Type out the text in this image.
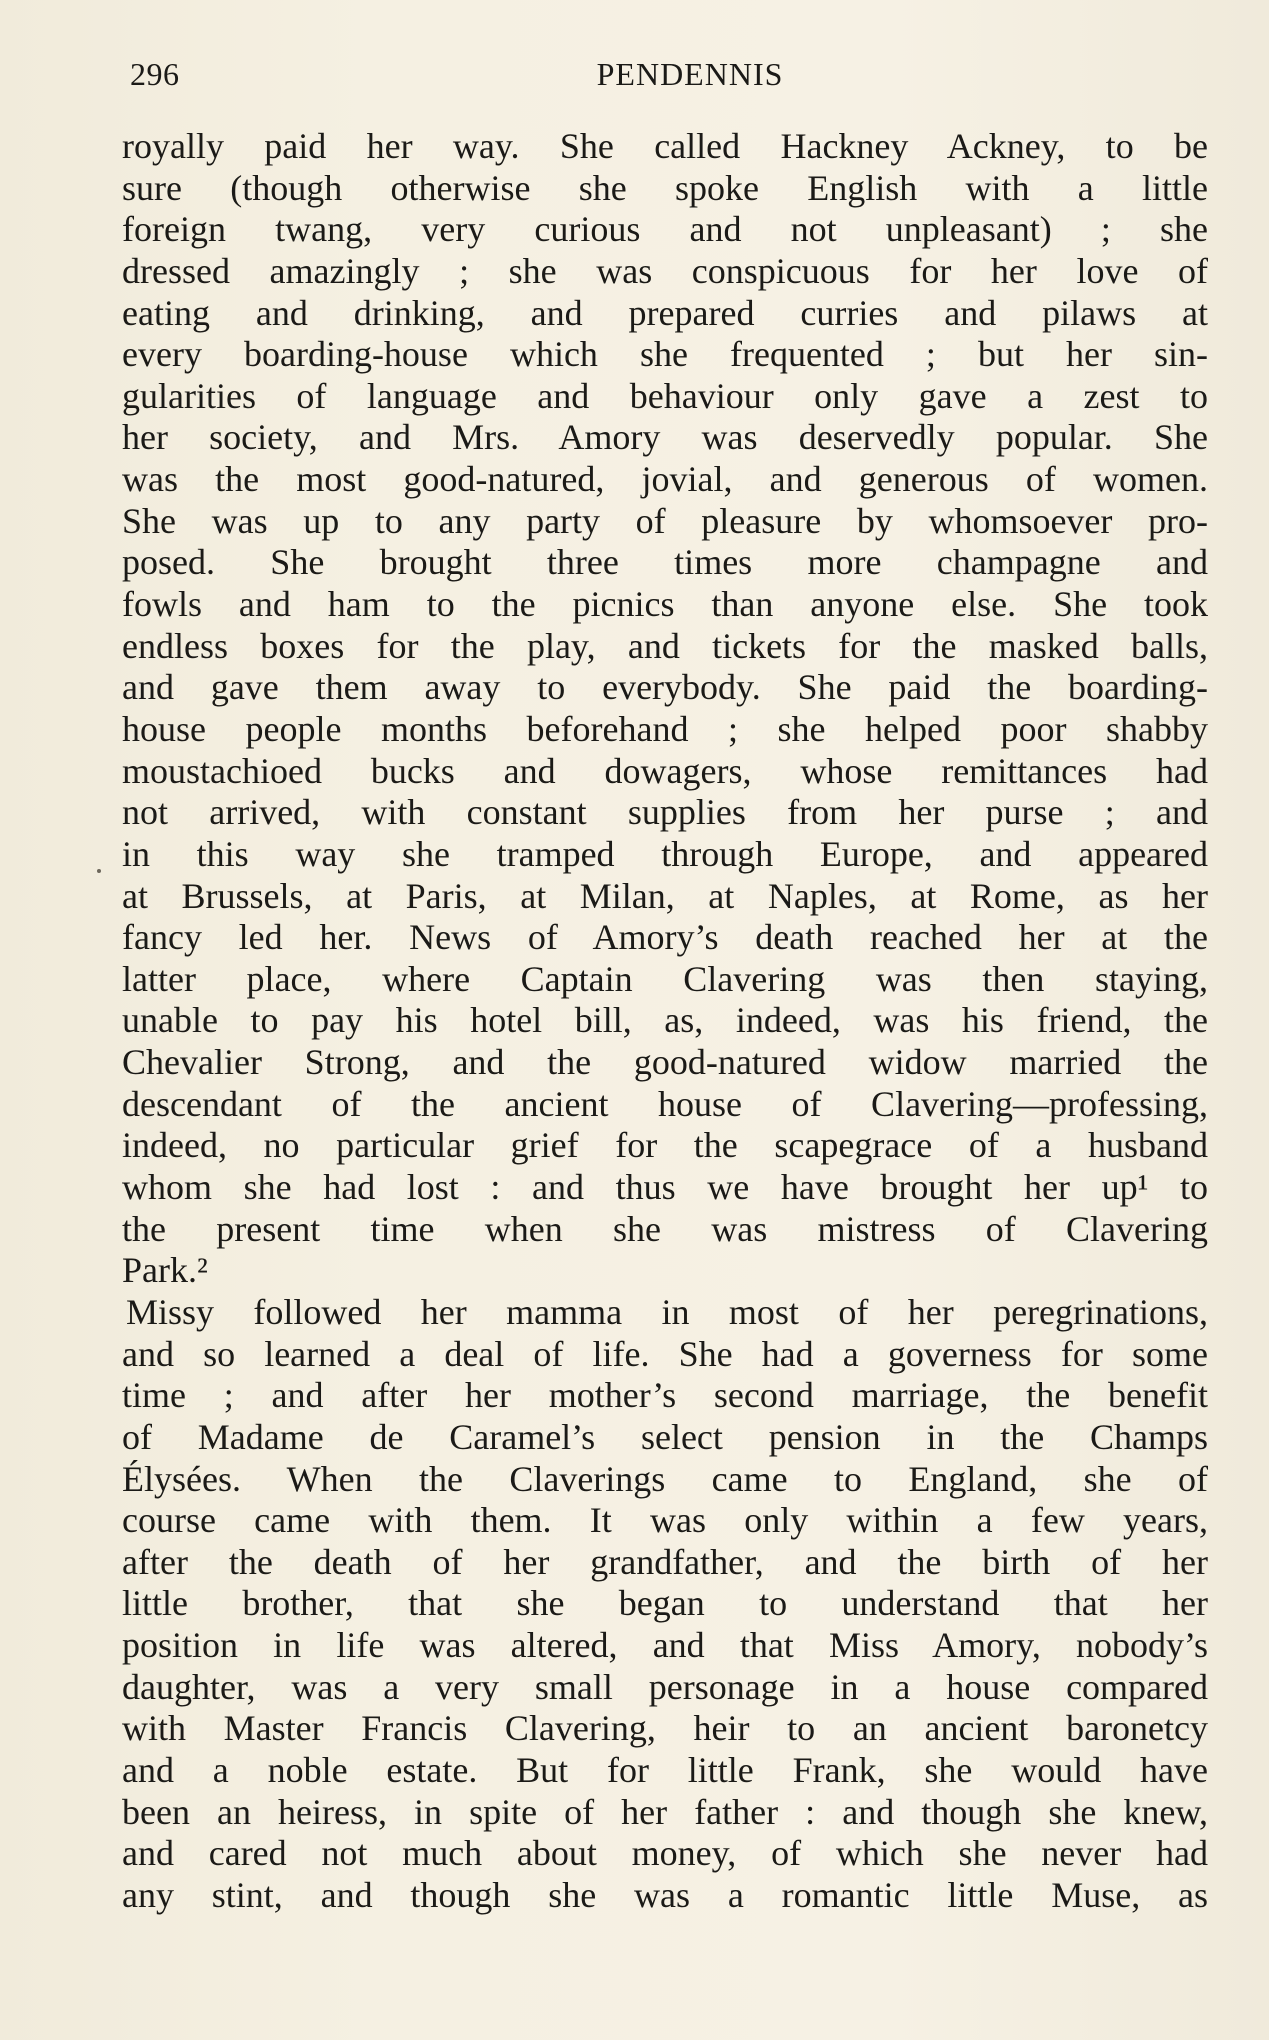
296	PENDENNIS
royally paid her way. She called Hackney Ackney, to be
sure (though otherwise she spoke English with a little
foreign twang, very curious and not unpleasant) ; she
dressed amazingly ; she was conspicuous for her love of
eating and drinking, and prepared curries and pilaws at
every boarding-house which she frequented ; but her sin-
gularities of language and behaviour only gave a zest to
her society, and Mrs. Amory was deservedly popular. She
was the most good-natured, jovial, and generous of women.
She was up to any party of pleasure by whomsoever pro-
posed. She brought three times more champagne and
fowls and ham to the picnics than anyone else. She took
endless boxes for the play, and tickets for the masked balls,
and gave them away to everybody. She paid the boarding-
house people months beforehand ; she helped poor shabby
moustachioed bucks and dowagers, whose remittances had
not arrived, with constant supplies from her purse ; and
in this way she tramped through Europe, and appeared
at Brussels, at Paris, at Milan, at Naples, at Rome, as her
fancy led her. News of Amory’s death reached her at the
latter place, where Captain Clavering was then staying,
unable to pay his hotel bill, as, indeed, was his friend, the
Chevalier Strong, and the good-natured widow married the
descendant of the ancient house of Clavering—professing,
indeed, no particular grief for the scapegrace of a husband
whom she had lost : and thus we have brought her up¹ to
the present time when she was mistress of Clavering
Park.²
Missy followed her mamma in most of her peregrinations,
and so learned a deal of life. She had a governess for some
time ; and after her mother’s second marriage, the benefit
of Madame de Caramel’s select pension in the Champs
Élysées. When the Claverings came to England, she of
course came with them. It was only within a few years,
after the death of her grandfather, and the birth of her
little brother, that she began to understand that her
position in life was altered, and that Miss Amory, nobody’s
daughter, was a very small personage in a house compared
with Master Francis Clavering, heir to an ancient baronetcy
and a noble estate. But for little Frank, she would have
been an heiress, in spite of her father : and though she knew,
and cared not much about money, of which she never had
any stint, and though she was a romantic little Muse, as
